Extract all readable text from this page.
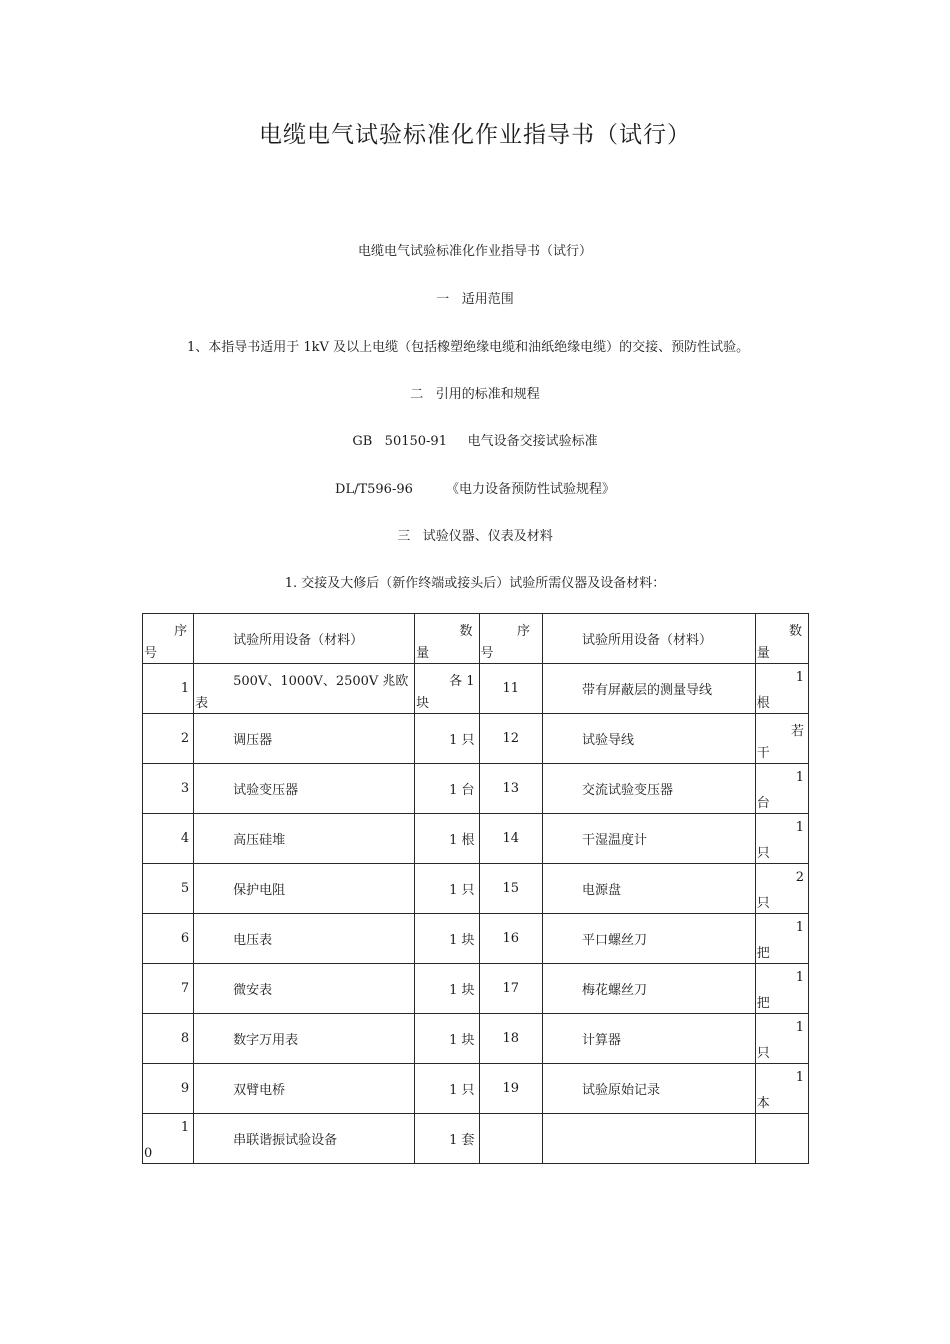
电缆电气试验标准化作业指导书（试行）
电缆电气试验标准化作业指导书（试行）
一   适用范围
1、本指导书适用于 1kV 及以上电缆（包括橡塑绝缘电缆和油纸绝缘电缆）的交接、预防性试验。
二   引用的标准和规程
GB   50150-91     电气设备交接试验标准
DL/T596-96        《电力设备预防性试验规程》
三   试验仪器、仪表及材料
1. 交接及大修后（新作终端或接头后）试验所需仪器及设备材料：
序
号	试验所用设备（材料）	数
量	序
号	试验所用设备（材料）	数
量

1	500V、1000V、2500V 兆欧
表	各 1
块	11	带有屏蔽层的测量导线	1
根

2	调压器	1 只	12	试验导线	若
干

3	试验变压器	1 台	13	交流试验变压器	1
台

4	高压硅堆	1 根	14	干湿温度计	1
只

5	保护电阻	1 只	15	电源盘	2
只

6	电压表	1 块	16	平口螺丝刀	1
把

7	微安表	1 块	17	梅花螺丝刀	1
把

8	数字万用表	1 块	18	计算器	1
只

9	双臂电桥	1 只	19	试验原始记录	1
本

1
0	串联谐振试验设备	1 套			
